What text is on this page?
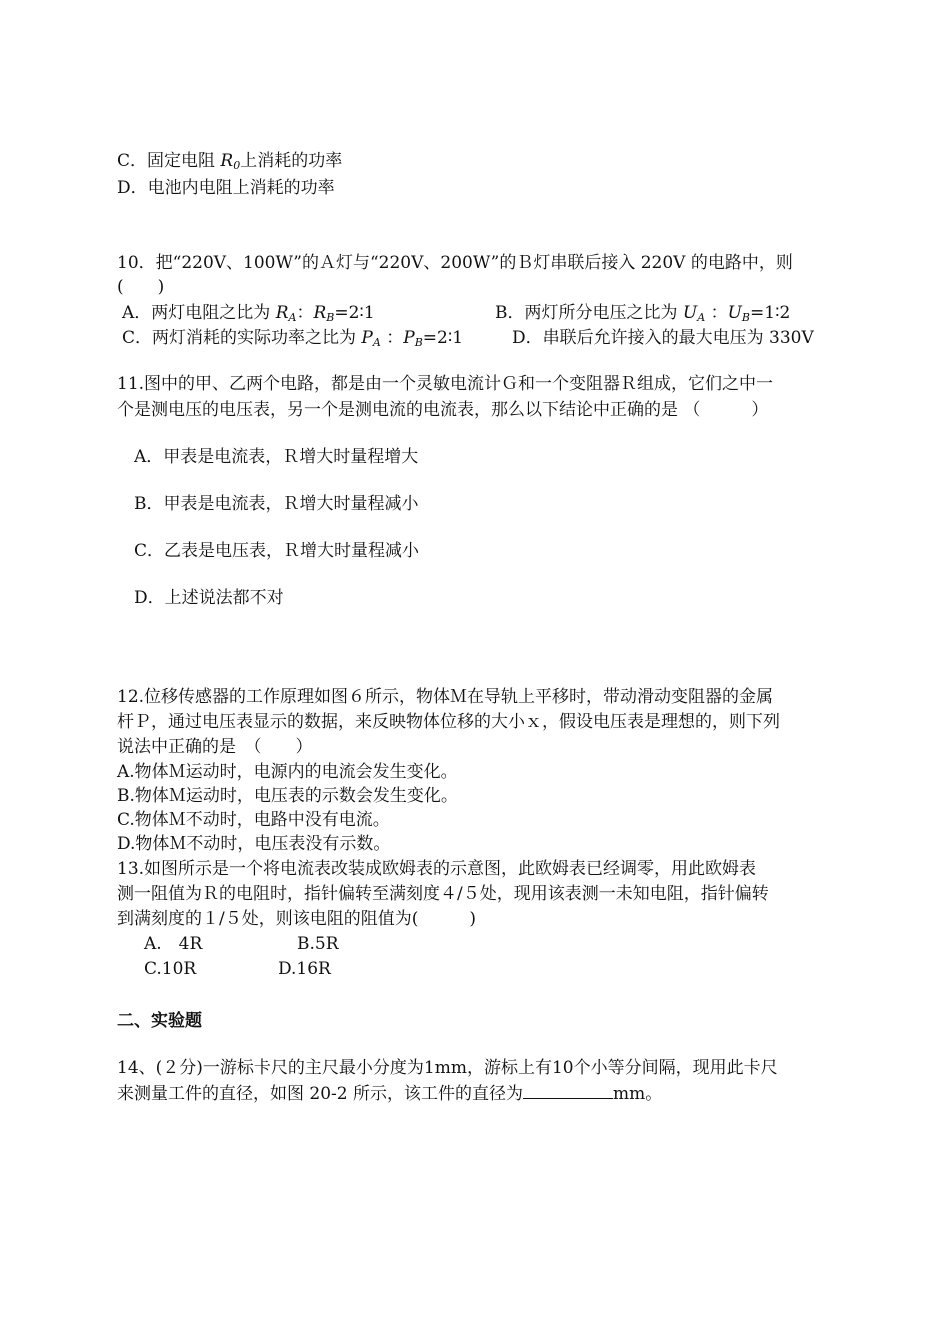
C．固定电阻 R0上消耗的功率
D．电池内电阻上消耗的功率
10．把“220V、100W”的Ａ灯与“220V、200W”的Ｂ灯串联后接入 220V 的电路中，则
(　　)
A．两灯电阻之比为 RA：RB=2∶1	B．两灯所分电压之比为 UA ：UB=1∶2
C．两灯消耗的实际功率之比为 PA ：PB=2∶1	D．串联后允许接入的最大电压为 330V
11.图中的甲、乙两个电路，都是由一个灵敏电流计Ｇ和一个变阻器Ｒ组成，它们之中一
个是测电压的电压表，另一个是测电流的电流表，那么以下结论中正确的是 （　　　）
A．甲表是电流表，Ｒ增大时量程增大
B．甲表是电流表，Ｒ增大时量程减小
C．乙表是电压表，Ｒ增大时量程减小
D．上述说法都不对
12.位移传感器的工作原理如图６所示，物体Ｍ在导轨上平移时，带动滑动变阻器的金属
杆Ｐ，通过电压表显示的数据，来反映物体位移的大小ｘ，假设电压表是理想的，则下列
说法中正确的是　（　　）
A.物体Ｍ运动时，电源内的电流会发生变化。
B.物体Ｍ运动时，电压表的示数会发生变化。
C.物体Ｍ不动时，电路中没有电流。
D.物体Ｍ不动时，电压表没有示数。
13.如图所示是一个将电流表改装成欧姆表的示意图，此欧姆表已经调零，用此欧姆表
测一阻值为Ｒ的电阻时，指针偏转至满刻度４/５处，现用该表测一未知电阻，指针偏转
到满刻度的１/５处，则该电阻的阻值为(　　　)
A.　4R	B.5R
C.10R	D.16R
二、实验题
14、(２分)一游标卡尺的主尺最小分度为1mm，游标上有10个小等分间隔，现用此卡尺
来测量工件的直径，如图 20-2 所示，该工件的直径为	mm。
